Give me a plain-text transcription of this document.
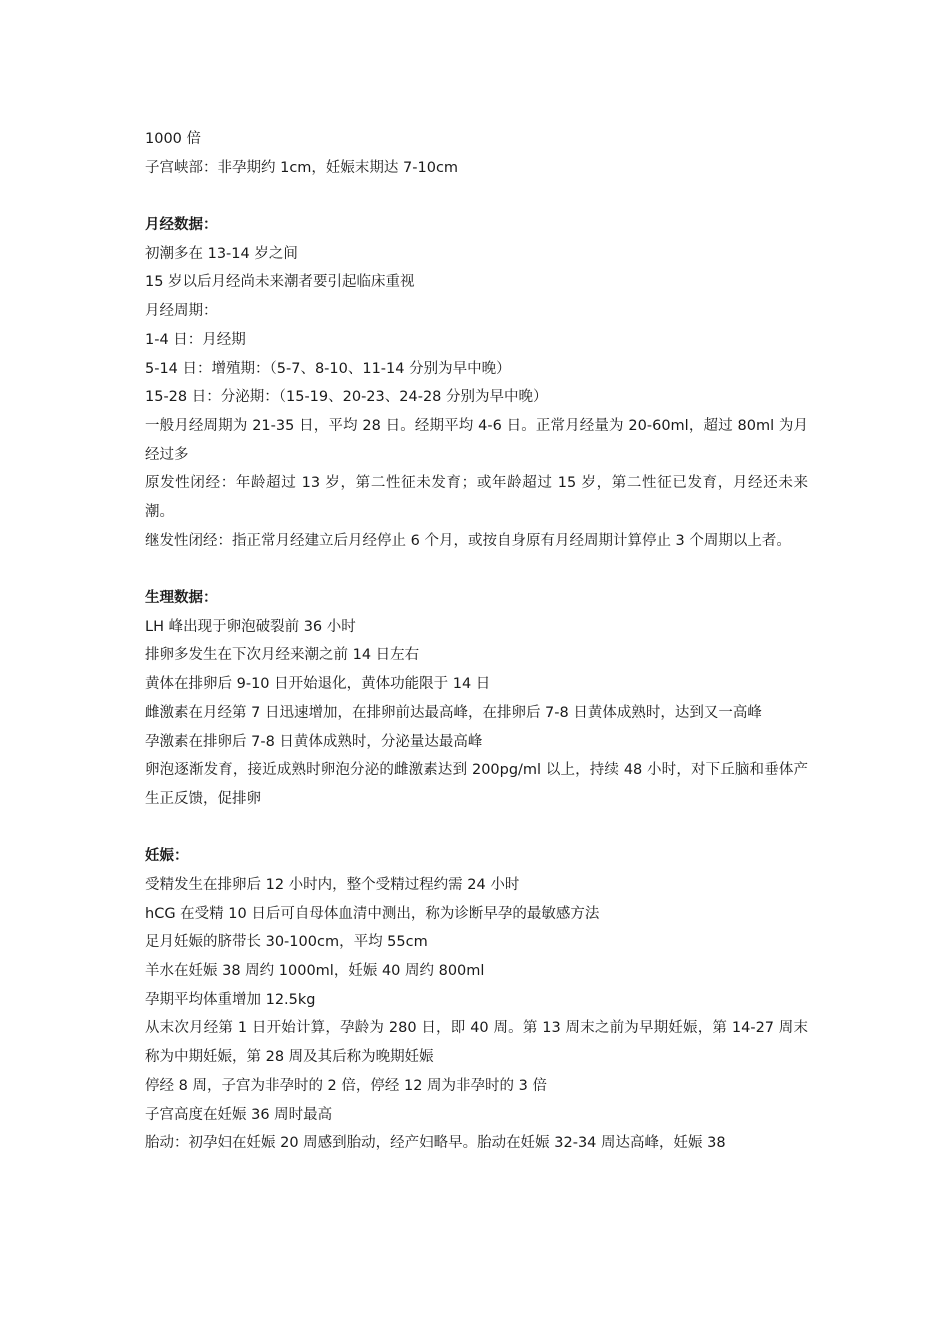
1000 倍
子宫峡部：非孕期约 1cm，妊娠末期达 7-10cm
月经数据：
初潮多在 13-14 岁之间
15 岁以后月经尚未来潮者要引起临床重视
月经周期：
1-4 日：月经期
5-14 日：增殖期：（5-7、8-10、11-14 分别为早中晚）
15-28 日：分泌期：（15-19、20-23、24-28 分别为早中晚）
一般月经周期为 21-35 日，平均 28 日。经期平均 4-6 日。正常月经量为 20-60ml，超过 80ml 为月经过多
原发性闭经：年龄超过 13 岁，第二性征未发育；或年龄超过 15 岁，第二性征已发育，月经还未来潮。
继发性闭经：指正常月经建立后月经停止 6 个月，或按自身原有月经周期计算停止 3 个周期以上者。
生理数据：
LH 峰出现于卵泡破裂前 36 小时
排卵多发生在下次月经来潮之前 14 日左右
黄体在排卵后 9-10 日开始退化，黄体功能限于 14 日
雌激素在月经第 7 日迅速增加，在排卵前达最高峰，在排卵后 7-8 日黄体成熟时，达到又一高峰
孕激素在排卵后 7-8 日黄体成熟时，分泌量达最高峰
卵泡逐渐发育，接近成熟时卵泡分泌的雌激素达到 200pg/ml 以上，持续 48 小时，对下丘脑和垂体产生正反馈，促排卵
妊娠：
受精发生在排卵后 12 小时内，整个受精过程约需 24 小时
hCG 在受精 10 日后可自母体血清中测出，称为诊断早孕的最敏感方法
足月妊娠的脐带长 30-100cm，平均 55cm
羊水在妊娠 38 周约 1000ml，妊娠 40 周约 800ml
孕期平均体重增加 12.5kg
从末次月经第 1 日开始计算，孕龄为 280 日，即 40 周。第 13 周末之前为早期妊娠，第 14-27 周末称为中期妊娠，第 28 周及其后称为晚期妊娠
停经 8 周，子宫为非孕时的 2 倍，停经 12 周为非孕时的 3 倍
子宫高度在妊娠 36 周时最高
胎动：初孕妇在妊娠 20 周感到胎动，经产妇略早。胎动在妊娠 32-34 周达高峰，妊娠 38
